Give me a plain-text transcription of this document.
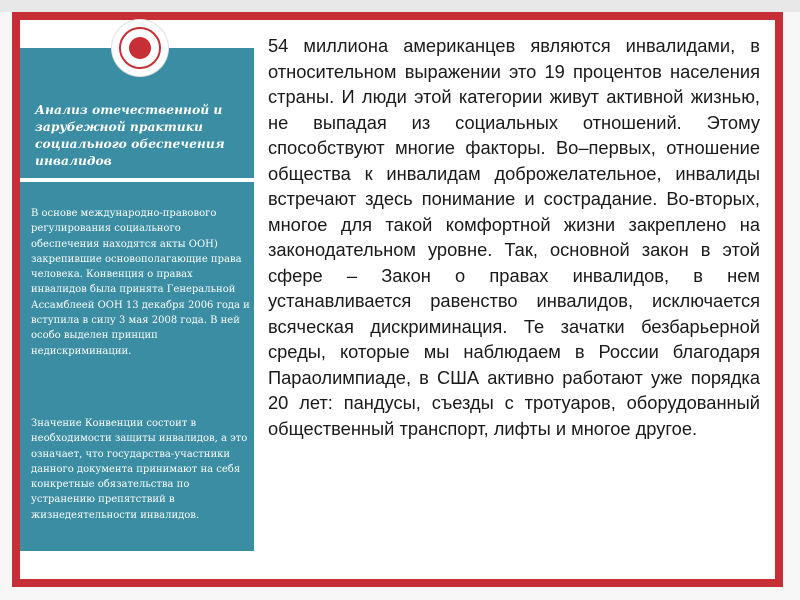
Анализ отечественной и зарубежной практики социального обеспечения инвалидов
В основе международно-правового регулирования социального обеспечения находятся акты ООН) закрепившие основополагающие права человека. Конвенция о правах инвалидов была принята Генеральной Ассамблеей ООН 13 декабря 2006 года и вступила в силу 3 мая 2008 года. В ней особо выделен принцип недискриминации.
Значение Конвенции состоит в необходимости защиты инвалидов, а это означает, что государства-участники данного документа принимают на себя конкретные обязательства по устранению препятствий в жизнедеятельности инвалидов.
54 миллиона американцев являются инвалидами, в относительном выражении это 19 процентов населения страны. И люди этой категории живут активной жизнью, не выпадая из социальных отношений. Этому способствуют многие факторы. Во–первых, отношение общества к инвалидам доброжелательное, инвалиды встречают здесь понимание и сострадание. Во-вторых, многое для такой комфортной жизни закреплено на законодательном уровне. Так, основной закон в этой сфере – Закон о правах инвалидов, в нем устанавливается равенство инвалидов, исключается всяческая дискриминация. Те зачатки безбарьерной среды, которые мы наблюдаем в России благодаря Параолимпиаде, в США активно работают уже порядка 20 лет: пандусы, съезды с тротуаров, оборудованный общественный транспорт, лифты и многое другое.
